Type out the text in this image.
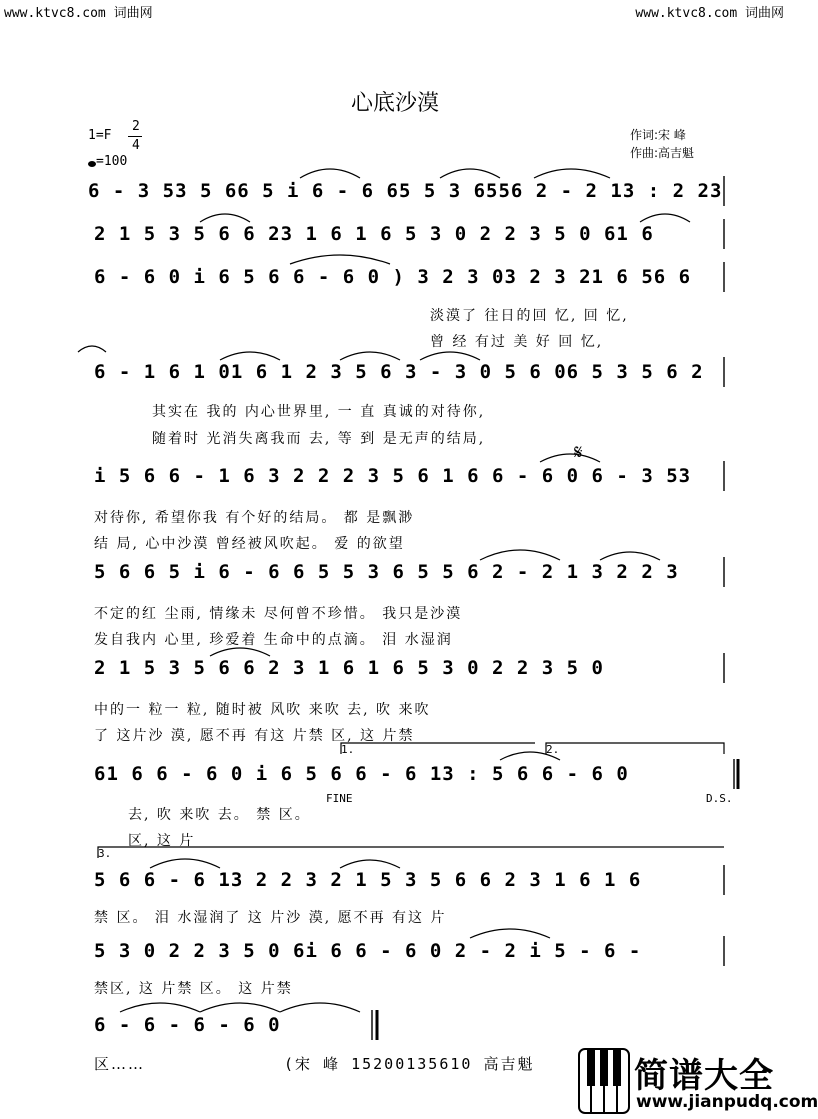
www.ktvc8.com 词曲网	www.ktvc8.com 词曲网
心底沙漠
1=F
2
4
=100
作词:宋 峰
作曲:高吉魁
6 - 3 53 5 66 5 i 6 - 6 65 5 3 6556 2 - 2 13 : 2 23
2 1 5 3 5 6 6 23 1 6 1 6 5 3 0 2 2 3 5 0 61 6
6 - 6 0 i 6 5 6 6 - 6 0 ) 3 2 3 03 2 3 21 6 56 6
淡漠了 往日的回 忆, 回 忆,
曾 经 有过 美 好 回 忆,
6 - 1 6 1 01 6 1 2 3 5 6 3 - 3 0 5 6 06 5 3 5 6 2
其实在 我的 内心世界里, 一 直 真诚的对待你,
随着时 光消失离我而 去, 等 到 是无声的结局,
i 5 6 6 - 1 6 3 2 2 2 3 5 6 1 6 6 - 6 0 6 - 3 53
对待你, 希望你我 有个好的结局。 都 是飘渺
结 局, 心中沙漠 曾经被风吹起。 爱 的欲望
5 6 6 5 i 6 - 6 6 5 5 3 6 5 5 6 2 - 2 1 3 2 2 3
不定的红 尘雨, 情缘未 尽何曾不珍惜。 我只是沙漠
发自我内 心里, 珍爱着 生命中的点滴。 泪 水湿润
2 1 5 3 5 6 6 2 3 1 6 1 6 5 3 0 2 2 3 5 0
中的一 粒一 粒, 随时被 风吹 来吹 去, 吹 来吹
了 这片沙 漠, 愿不再 有这 片禁 区, 这 片禁
1.	2.
61 6 6 - 6 0 i 6 5 6 6 - 6 13 : 5 6 6 - 6 0
FINE	D.S.
去, 吹 来吹 去。 禁 区。
区, 这 片
3.
5 6 6 - 6 13 2 2 3 2 1 5 3 5 6 6 2 3 1 6 1 6
禁 区。 泪 水湿润了 这 片沙 漠, 愿不再 有这 片
5 3 0 2 2 3 5 0 6i 6 6 - 6 0 2 - 2 i 5 - 6 -
禁区, 这 片禁 区。 这 片禁
6 - 6 - 6 - 6 0
𝄋
区……	(宋 峰 15200135610 高吉魁	简谱大全
www.jianpudq.com
